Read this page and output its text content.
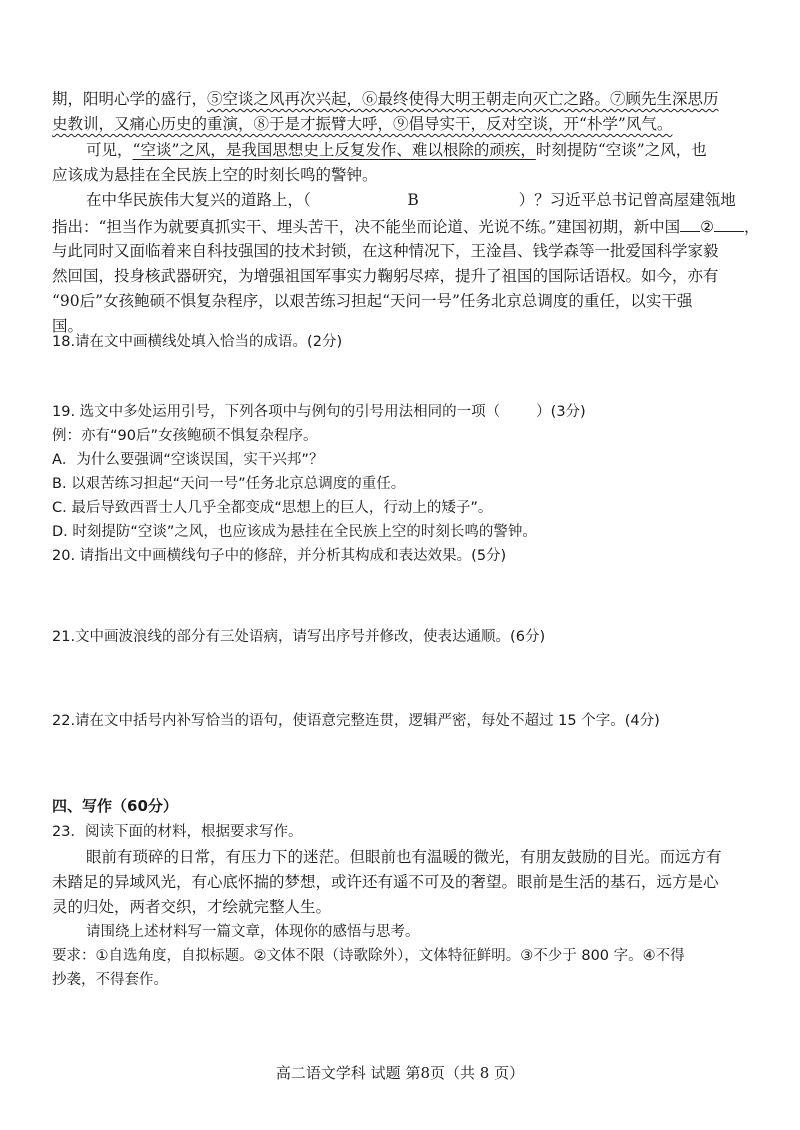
期，阳明心学的盛行，⑤空谈之风再次兴起，⑥最终使得大明王朝走向灭亡之路。⑦顾先生深思历
史教训，又痛心历史的重演，⑧于是才振臂大呼，⑨倡导实干，反对空谈，开“朴学”风气。
可见，“空谈”之风，是我国思想史上反复发作、难以根除的顽疾，时刻提防“空谈”之风，也
应该成为悬挂在全民族上空的时刻长鸣的警钟。
在中华民族伟大复兴的道路上，（	B	）？习近平总书记曾高屋建瓴地
指出：“担当作为就要真抓实干、埋头苦干，决不能坐而论道、光说不练。”建国初期，新中国 ② ，
与此同时又面临着来自科技强国的技术封锁，在这种情况下，王淦昌、钱学森等一批爱国科学家毅
然回国，投身核武器研究，为增强祖国军事实力鞠躬尽瘁，提升了祖国的国际话语权。如今，亦有
“90后”女孩鲍硕不惧复杂程序，以艰苦练习担起“天问一号”任务北京总调度的重任，以实干强
国。
18.请在文中画横线处填入恰当的成语。(2分)
19. 选文中多处运用引号，下列各项中与例句的引号用法相同的一项（ ）(3分)
例：亦有“90后”女孩鲍硕不惧复杂程序。
A．为什么要强调“空谈误国，实干兴邦”？
B. 以艰苦练习担起“天问一号”任务北京总调度的重任。
C. 最后导致西晋士人几乎全都变成“思想上的巨人，行动上的矮子”。
D. 时刻提防“空谈”之风，也应该成为悬挂在全民族上空的时刻长鸣的警钟。
20. 请指出文中画横线句子中的修辞，并分析其构成和表达效果。(5分)
21.文中画波浪线的部分有三处语病，请写出序号并修改，使表达通顺。(6分)
22.请在文中括号内补写恰当的语句，使语意完整连贯，逻辑严密，每处不超过 15 个字。(4分)
四、写作（60分）
23．阅读下面的材料，根据要求写作。
眼前有琐碎的日常，有压力下的迷茫。但眼前也有温暖的微光，有朋友鼓励的目光。而远方有
未踏足的异域风光，有心底怀揣的梦想，或许还有遥不可及的奢望。眼前是生活的基石，远方是心
灵的归处，两者交织，才绘就完整人生。
请围绕上述材料写一篇文章，体现你的感悟与思考。
要求：①自选角度，自拟标题。②文体不限（诗歌除外），文体特征鲜明。③不少于 800 字。④不得
抄袭，不得套作。
高二语文学科 试题 第8页（共 8 页）
